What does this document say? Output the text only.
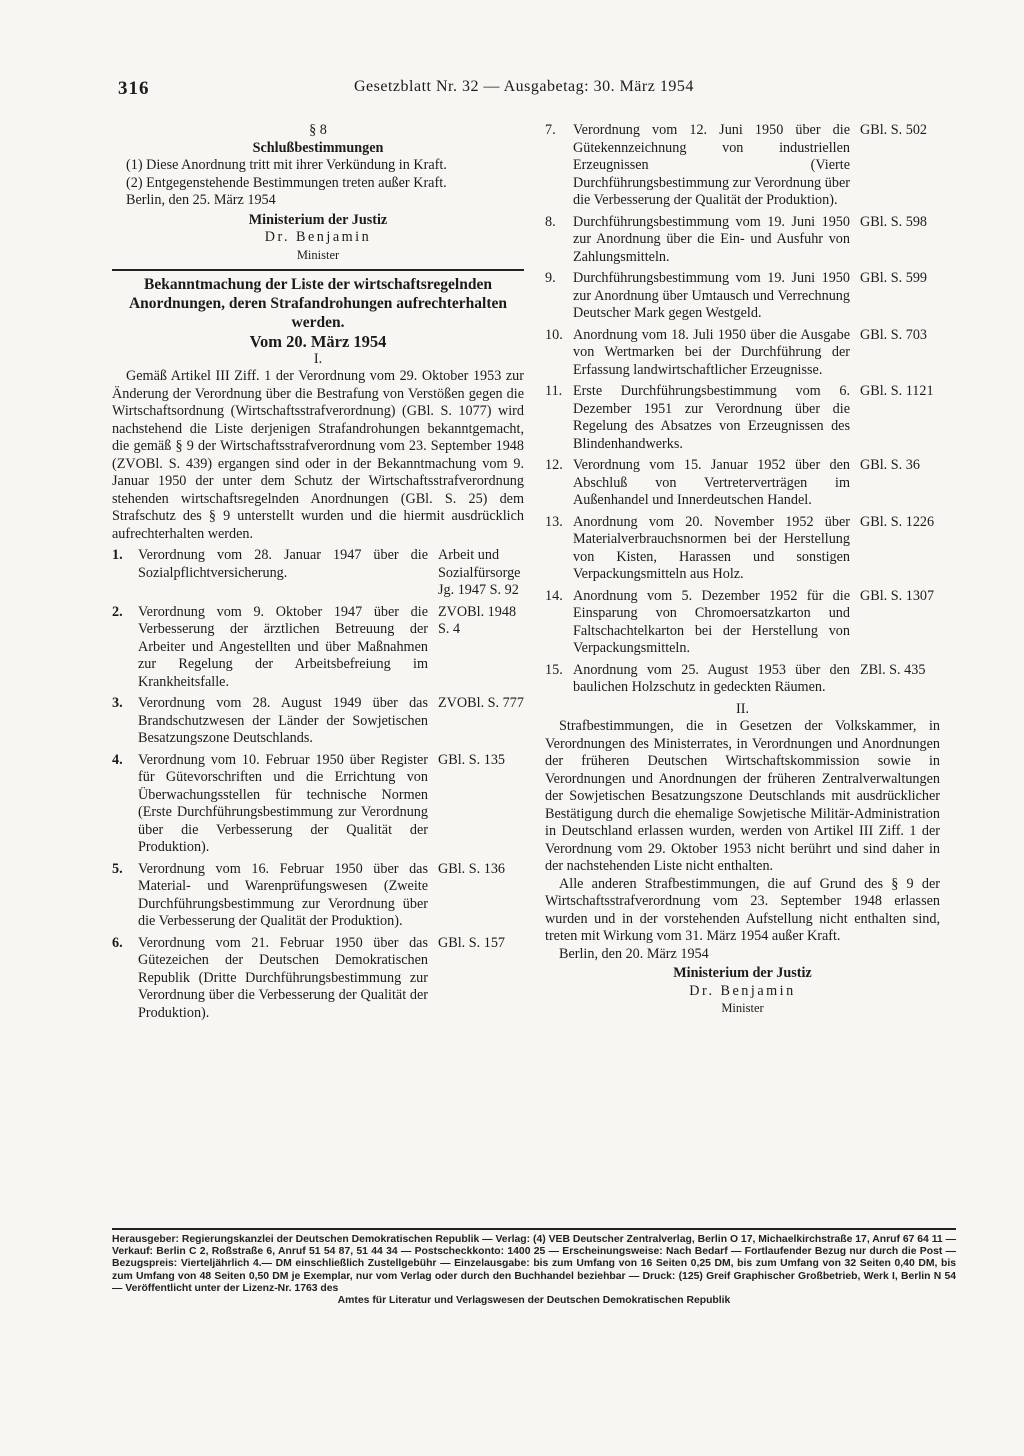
316	Gesetzblatt Nr. 32 — Ausgabetag: 30. März 1954

§ 8

Schlußbestimmungen

(1) Diese Anordnung tritt mit ihrer Verkündung in Kraft.

(2) Entgegenstehende Bestimmungen treten außer Kraft.

Berlin, den 25. März 1954

Ministerium der Justiz

Dr. Benjamin

Minister

Bekanntmachung der Liste der wirtschaftsregelnden Anordnungen, deren Strafandrohungen aufrechterhalten werden.

Vom 20. März 1954

I.

Gemäß Artikel III Ziff. 1 der Verordnung vom 29. Oktober 1953 zur Änderung der Verordnung über die Bestrafung von Verstößen gegen die Wirtschaftsordnung (Wirtschaftsstrafverordnung) (GBl. S. 1077) wird nachstehend die Liste derjenigen Strafandrohungen bekanntgemacht, die gemäß § 9 der Wirtschaftsstrafverordnung vom 23. September 1948 (ZVOBl. S. 439) ergangen sind oder in der Bekanntmachung vom 9. Januar 1950 der unter dem Schutz der Wirtschaftsstrafverordnung stehenden wirtschaftsregelnden Anordnungen (GBl. S. 25) dem Strafschutz des § 9 unterstellt wurden und die hiermit ausdrücklich aufrechterhalten werden.

1.	Verordnung vom 28. Januar 1947 über die Sozialpflichtversicherung.
Arbeit und Sozialfürsorge Jg. 1947 S. 92
2.	Verordnung vom 9. Oktober 1947 über die Verbesserung der ärztlichen Betreuung der Arbeiter und Angestellten und über Maßnahmen zur Regelung der Arbeitsbefreiung im Krankheitsfalle.
ZVOBl. 1948 S. 4
3.	Verordnung vom 28. August 1949 über das Brandschutzwesen der Länder der Sowjetischen Besatzungszone Deutschlands.
ZVOBl. S. 777
4.	Verordnung vom 10. Februar 1950 über Register für Gütevorschriften und die Errichtung von Überwachungsstellen für technische Normen (Erste Durchführungsbestimmung zur Verordnung über die Verbesserung der Qualität der Produktion).
GBl. S. 135
5.	Verordnung vom 16. Februar 1950 über das Material- und Warenprüfungswesen (Zweite Durchführungsbestimmung zur Verordnung über die Verbesserung der Qualität der Produktion).
GBl. S. 136
6.	Verordnung vom 21. Februar 1950 über das Gütezeichen der Deutschen Demokratischen Republik (Dritte Durchführungsbestimmung zur Verordnung über die Verbesserung der Qualität der Produktion).
GBl. S. 157
7.	Verordnung vom 12. Juni 1950 über die Gütekennzeichnung von industriellen Erzeugnissen (Vierte Durchführungsbestimmung zur Verordnung über die Verbesserung der Qualität der Produktion).
GBl. S. 502
8.	Durchführungsbestimmung vom 19. Juni 1950 zur Anordnung über die Ein- und Ausfuhr von Zahlungsmitteln.
GBl. S. 598
9.	Durchführungsbestimmung vom 19. Juni 1950 zur Anordnung über Umtausch und Verrechnung Deutscher Mark gegen Westgeld.
GBl. S. 599
10. Anordnung vom 18. Juli 1950 über die Ausgabe von Wertmarken bei der Durchführung der Erfassung landwirtschaftlicher Erzeugnisse.
GBl. S. 703
11. Erste Durchführungsbestimmung vom 6. Dezember 1951 zur Verordnung über die Regelung des Absatzes von Erzeugnissen des Blindenhandwerks.
GBl. S. 1121
12. Verordnung vom 15. Januar 1952 über den Abschluß von Vertreterverträgen im Außenhandel und Innerdeutschen Handel.
GBl. S. 36
13. Anordnung vom 20. November 1952 über Materialverbrauchsnormen bei der Herstellung von Kisten, Harassen und sonstigen Verpackungsmitteln aus Holz.
GBl. S. 1226
14. Anordnung vom 5. Dezember 1952 für die Einsparung von Chromoersatzkarton und Faltschachtelkarton bei der Herstellung von Verpackungsmitteln.
GBl. S. 1307
15. Anordnung vom 25. August 1953 über den baulichen Holzschutz in gedeckten Räumen.
ZBl. S. 435

II.

Strafbestimmungen, die in Gesetzen der Volkskammer, in Verordnungen des Ministerrates, in Verordnungen und Anordnungen der früheren Deutschen Wirtschaftskommission sowie in Verordnungen und Anordnungen der früheren Zentralverwaltungen der Sowjetischen Besatzungszone Deutschlands mit ausdrücklicher Bestätigung durch die ehemalige Sowjetische Militär-Administration in Deutschland erlassen wurden, werden von Artikel III Ziff. 1 der Verordnung vom 29. Oktober 1953 nicht berührt und sind daher in der nachstehenden Liste nicht enthalten.

Alle anderen Strafbestimmungen, die auf Grund des § 9 der Wirtschaftsstrafverordnung vom 23. September 1948 erlassen wurden und in der vorstehenden Aufstellung nicht enthalten sind, treten mit Wirkung vom 31. März 1954 außer Kraft.

Berlin, den 20. März 1954

Ministerium der Justiz

Dr. Benjamin

Minister

Herausgeber: Regierungskanzlei der Deutschen Demokratischen Republik — Verlag: (4) VEB Deutscher Zentralverlag, Berlin O 17, Michaelkirchstraße 17, Anruf 67 64 11 — Verkauf: Berlin C 2, Roßstraße 6, Anruf 51 54 87, 51 44 34 — Postscheckkonto: 1400 25 — Erscheinungsweise: Nach Bedarf — Fortlaufender Bezug nur durch die Post — Bezugspreis: Vierteljährlich 4.— DM einschließlich Zustellgebühr — Einzelausgabe: bis zum Umfang von 16 Seiten 0,25 DM, bis zum Umfang von 32 Seiten 0,40 DM, bis zum Umfang von 48 Seiten 0,50 DM je Exemplar, nur vom Verlag oder durch den Buchhandel beziehbar — Druck: (125) Greif Graphischer Großbetrieb, Werk I, Berlin N 54 — Veröffentlicht unter der Lizenz-Nr. 1763 des

Amtes für Literatur und Verlagswesen der Deutschen Demokratischen Republik
